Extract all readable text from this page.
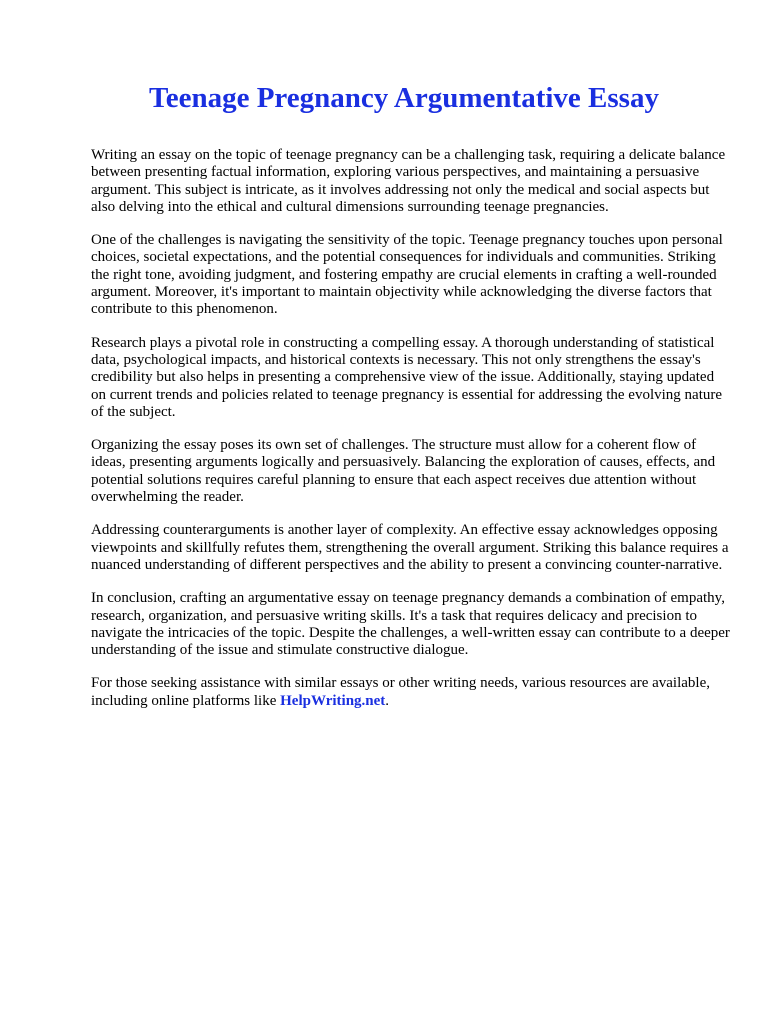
Teenage Pregnancy Argumentative Essay

Writing an essay on the topic of teenage pregnancy can be a challenging task, requiring a delicate balance between presenting factual information, exploring various perspectives, and maintaining a persuasive argument. This subject is intricate, as it involves addressing not only the medical and social aspects but also delving into the ethical and cultural dimensions surrounding teenage pregnancies.

One of the challenges is navigating the sensitivity of the topic. Teenage pregnancy touches upon personal choices, societal expectations, and the potential consequences for individuals and communities. Striking the right tone, avoiding judgment, and fostering empathy are crucial elements in crafting a well-rounded argument. Moreover, it's important to maintain objectivity while acknowledging the diverse factors that contribute to this phenomenon.

Research plays a pivotal role in constructing a compelling essay. A thorough understanding of statistical data, psychological impacts, and historical contexts is necessary. This not only strengthens the essay's credibility but also helps in presenting a comprehensive view of the issue. Additionally, staying updated on current trends and policies related to teenage pregnancy is essential for addressing the evolving nature of the subject.

Organizing the essay poses its own set of challenges. The structure must allow for a coherent flow of ideas, presenting arguments logically and persuasively. Balancing the exploration of causes, effects, and potential solutions requires careful planning to ensure that each aspect receives due attention without overwhelming the reader.

Addressing counterarguments is another layer of complexity. An effective essay acknowledges opposing viewpoints and skillfully refutes them, strengthening the overall argument. Striking this balance requires a nuanced understanding of different perspectives and the ability to present a convincing counter-narrative.

In conclusion, crafting an argumentative essay on teenage pregnancy demands a combination of empathy, research, organization, and persuasive writing skills. It's a task that requires delicacy and precision to navigate the intricacies of the topic. Despite the challenges, a well-written essay can contribute to a deeper understanding of the issue and stimulate constructive dialogue.

For those seeking assistance with similar essays or other writing needs, various resources are available, including online platforms like HelpWriting.net.
